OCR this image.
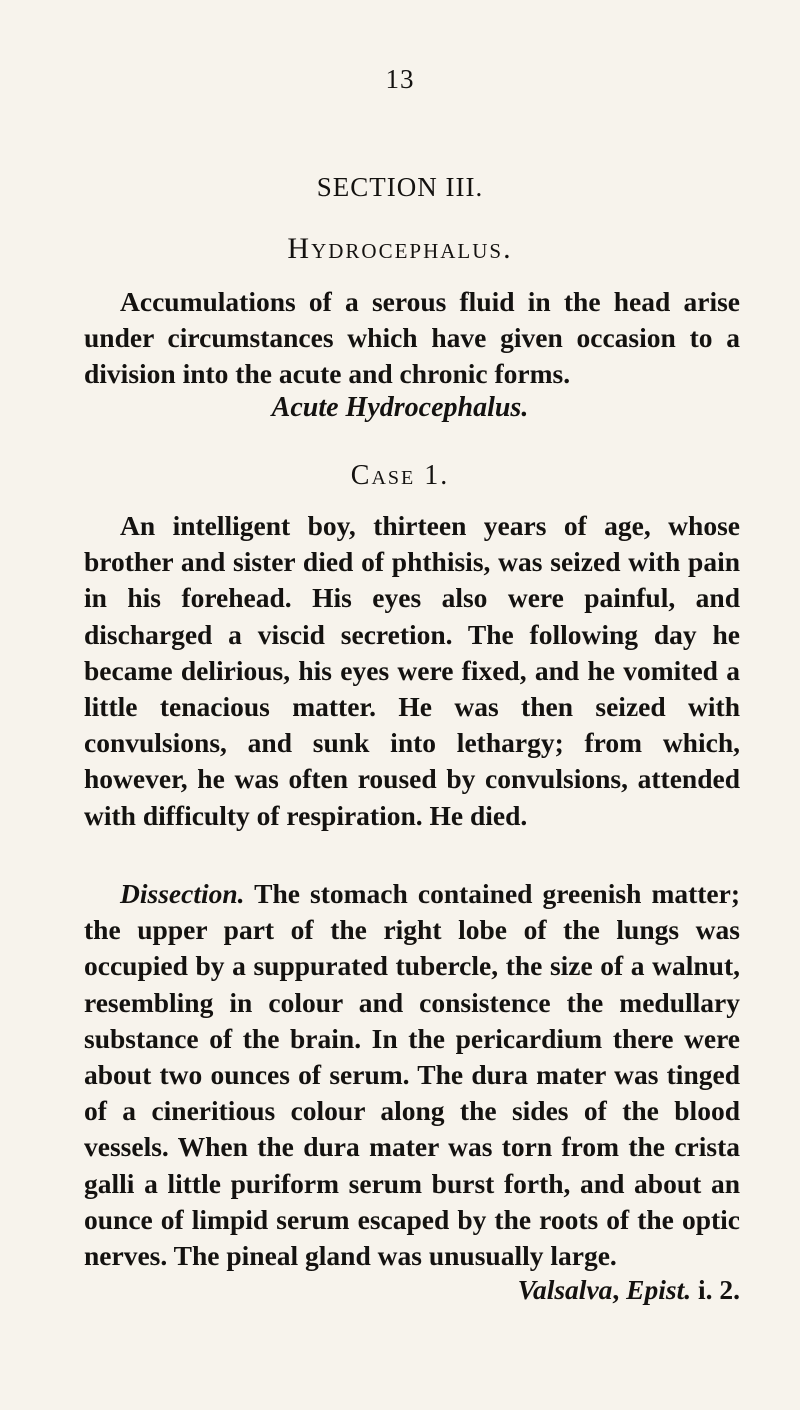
13
SECTION III.
Hydrocephalus.

Accumulations of a serous fluid in the head arise under circumstances which have given occasion to a division into the acute and chronic forms.

Acute Hydrocephalus.
Case 1.

An intelligent boy, thirteen years of age, whose brother and sister died of phthisis, was seized with pain in his forehead. His eyes also were painful, and discharged a viscid secretion. The following day he became delirious, his eyes were fixed, and he vomited a little tenacious matter. He was then seized with convulsions, and sunk into lethargy; from which, however, he was often roused by convulsions, attended with difficulty of respiration. He died.

Dissection. The stomach contained greenish matter; the upper part of the right lobe of the lungs was occupied by a suppurated tubercle, the size of a walnut, resembling in colour and consistence the medullary substance of the brain. In the pericardium there were about two ounces of serum. The dura mater was tinged of a cineritious colour along the sides of the blood vessels. When the dura mater was torn from the crista galli a little puriform serum burst forth, and about an ounce of limpid serum escaped by the roots of the optic nerves. The pineal gland was unusually large.

Valsalva, Epist. i. 2.
